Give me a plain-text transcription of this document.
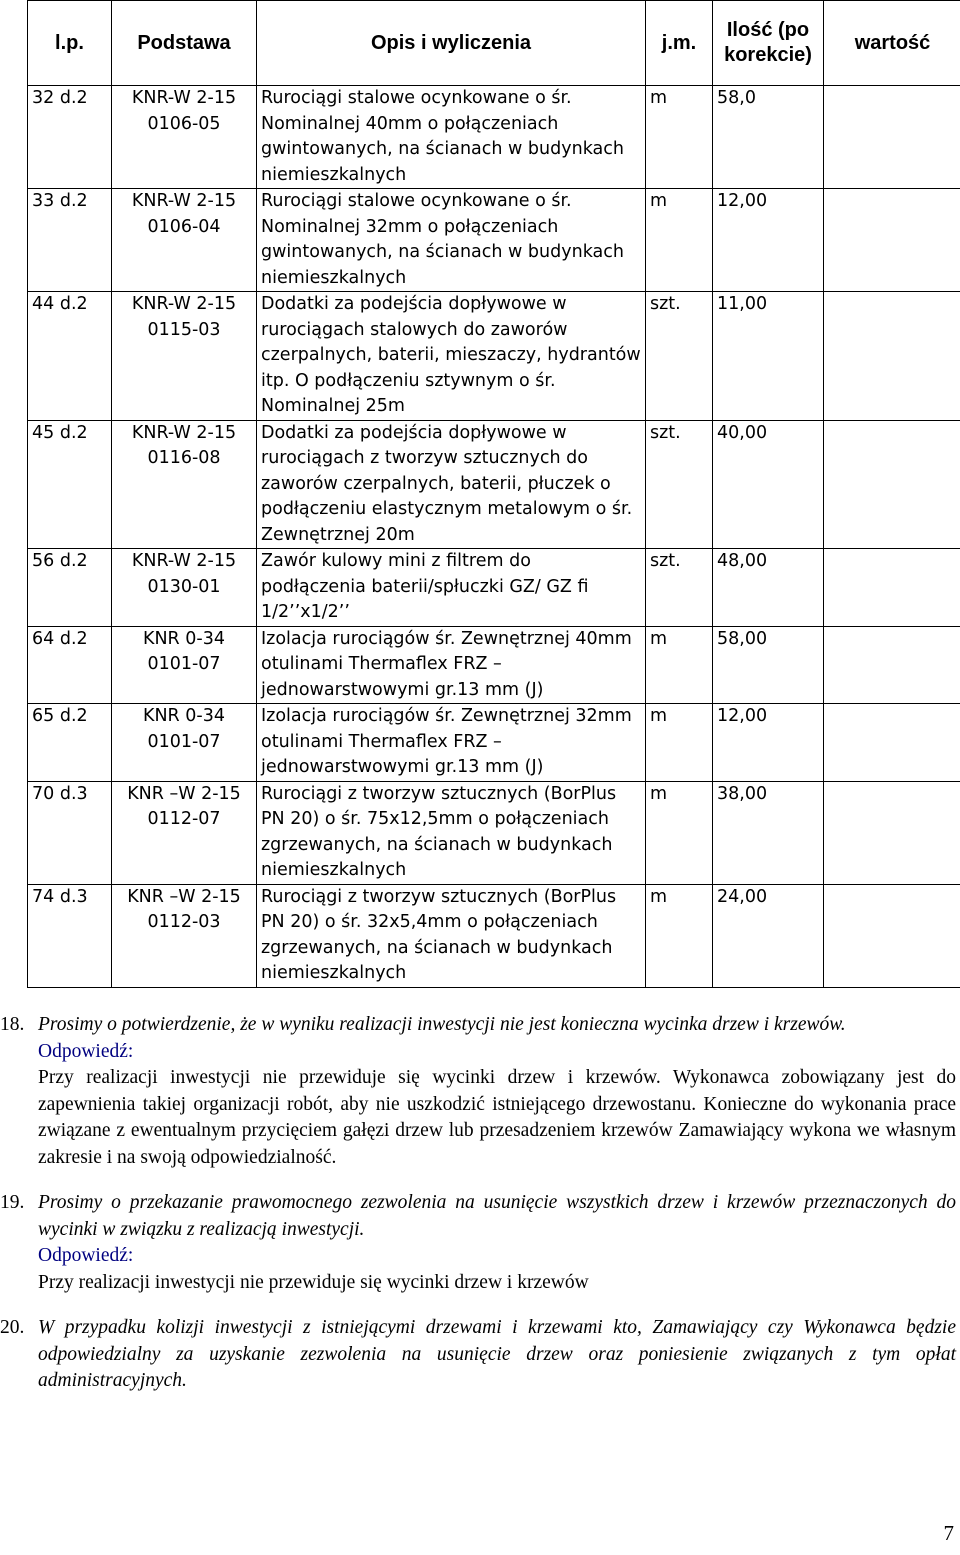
l.p.	Podstawa	Opis i wyliczenia	j.m.	Ilość (po korekcie)	wartość
32 d.2	KNR-W 2-15 0106-05	Rurociągi stalowe ocynkowane o śr. Nominalnej 40mm o połączeniach gwintowanych, na ścianach w budynkach niemieszkalnych	m	58,0	
33 d.2	KNR-W 2-15 0106-04	Rurociągi stalowe ocynkowane o śr. Nominalnej 32mm o połączeniach gwintowanych, na ścianach w budynkach niemieszkalnych	m	12,00	
44 d.2	KNR-W 2-15 0115-03	Dodatki za podejścia dopływowe w rurociągach stalowych do zaworów czerpalnych, baterii, mieszaczy, hydrantów itp. O podłączeniu sztywnym o śr. Nominalnej 25m	szt.	11,00	
45 d.2	KNR-W 2-15 0116-08	Dodatki za podejścia dopływowe w rurociągach z tworzyw sztucznych do zaworów czerpalnych, baterii, płuczek o podłączeniu elastycznym metalowym o śr. Zewnętrznej 20m	szt.	40,00	
56 d.2	KNR-W 2-15 0130-01	Zawór kulowy mini z filtrem do podłączenia baterii/spłuczki GZ/ GZ fi 1/2’’x1/2’’	szt.	48,00	
64 d.2	KNR 0-34 0101-07	Izolacja rurociągów śr. Zewnętrznej 40mm otulinami Thermaflex FRZ – jednowarstwowymi gr.13 mm (J)	m	58,00	
65 d.2	KNR 0-34 0101-07	Izolacja rurociągów śr. Zewnętrznej 32mm otulinami Thermaflex FRZ – jednowarstwowymi gr.13 mm (J)	m	12,00	
70 d.3	KNR –W 2-15 0112-07	Rurociągi z tworzyw sztucznych (BorPlus PN 20) o śr. 75x12,5mm o połączeniach zgrzewanych, na ścianach w budynkach niemieszkalnych	m	38,00	
74 d.3	KNR –W 2-15 0112-03	Rurociągi z tworzyw sztucznych (BorPlus PN 20) o śr. 32x5,4mm o połączeniach zgrzewanych, na ścianach w budynkach niemieszkalnych	m	24,00	
18. Prosimy o potwierdzenie, że w wyniku realizacji inwestycji nie jest konieczna wycinka drzew i krzewów.
Odpowiedź:
Przy realizacji inwestycji nie przewiduje się wycinki drzew i krzewów. Wykonawca zobowiązany jest do zapewnienia takiej organizacji robót, aby nie uszkodzić istniejącego drzewostanu. Konieczne do wykonania prace związane z ewentualnym przycięciem gałęzi drzew lub przesadzeniem krzewów Zamawiający wykona we własnym zakresie i na swoją odpowiedzialność.
19. Prosimy o przekazanie prawomocnego zezwolenia na usunięcie wszystkich drzew i krzewów przeznaczonych do wycinki w związku z realizacją inwestycji.
Odpowiedź:
Przy realizacji inwestycji nie przewiduje się wycinki drzew i krzewów
20. W przypadku kolizji inwestycji z istniejącymi drzewami i krzewami kto, Zamawiający czy Wykonawca będzie odpowiedzialny za uzyskanie zezwolenia na usunięcie drzew oraz poniesienie związanych z tym opłat administracyjnych.
7
